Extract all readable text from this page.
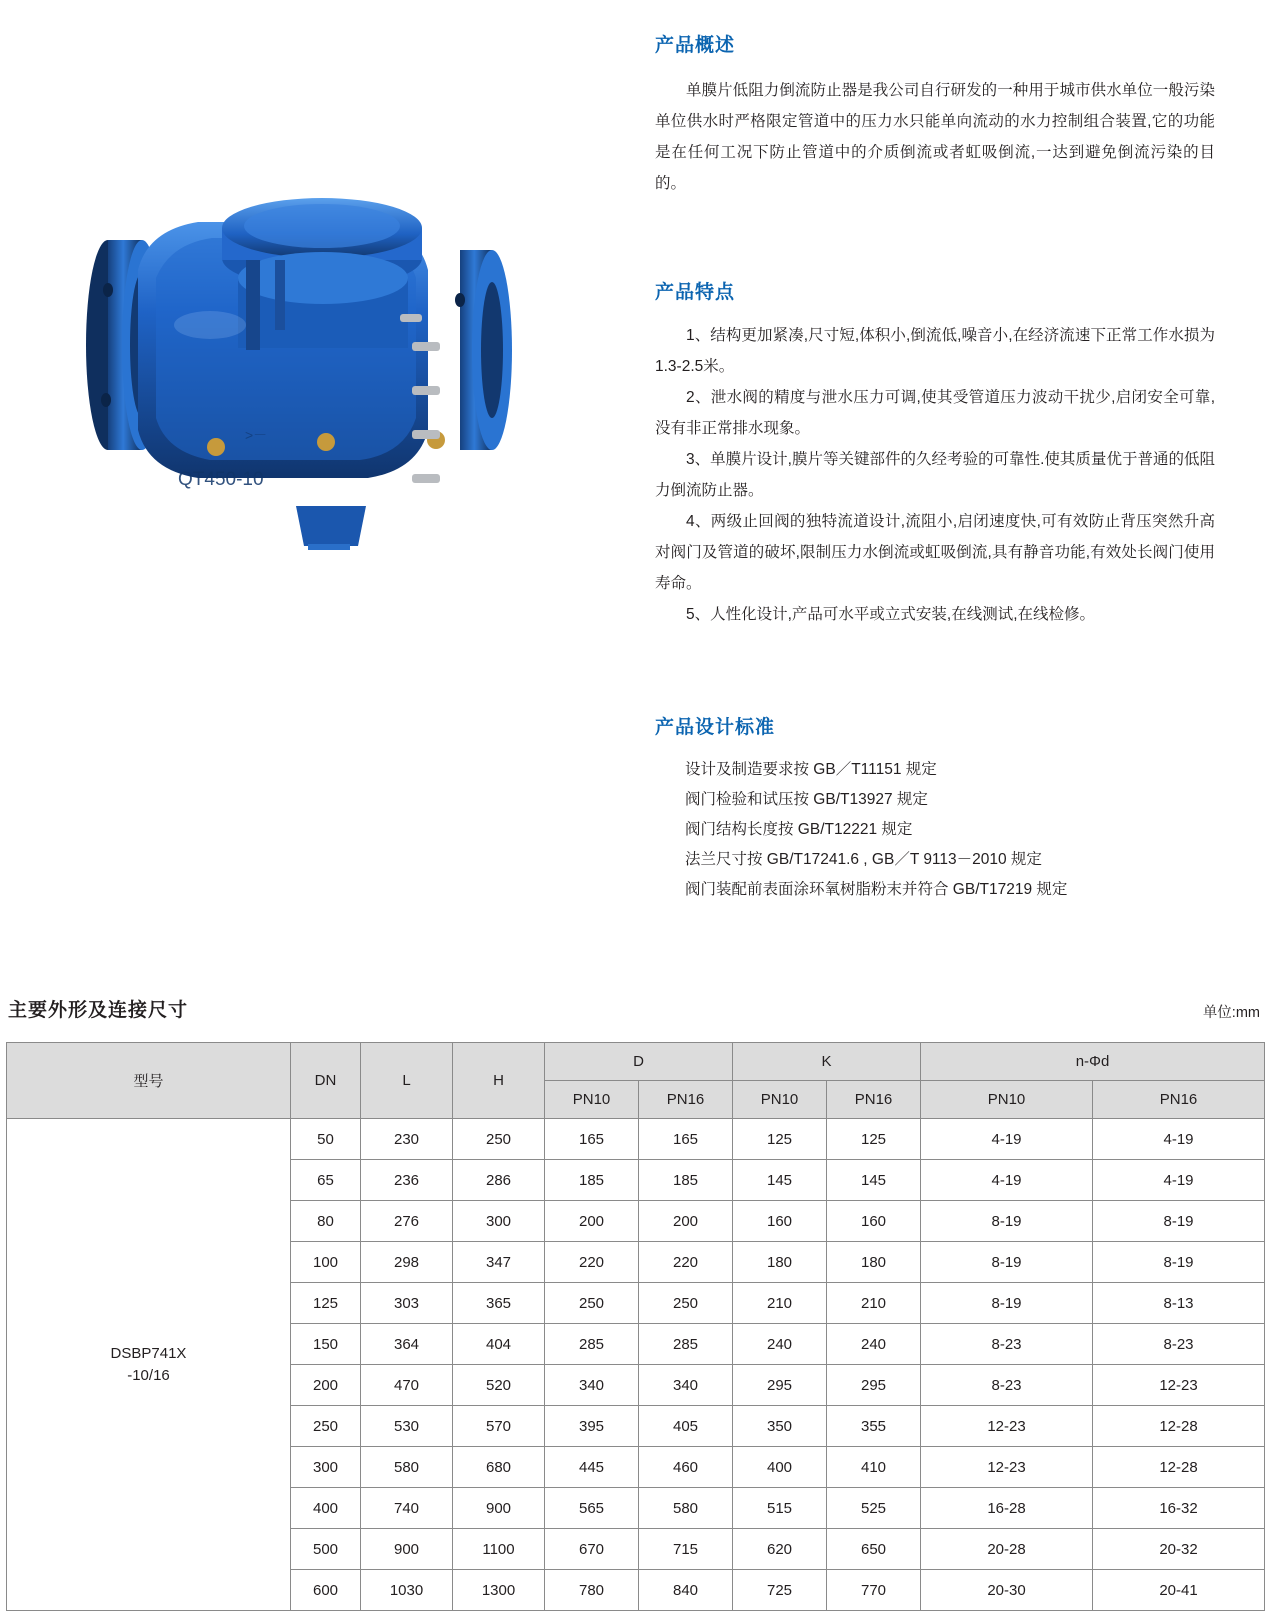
QT450-10
>－
产品概述

单膜片低阻力倒流防止器是我公司自行研发的一种用于城市供水单位一般污染单位供水时严格限定管道中的压力水只能单向流动的水力控制组合装置,它的功能是在任何工况下防止管道中的介质倒流或者虹吸倒流,一达到避免倒流污染的目的。

产品特点

1、结构更加紧凑,尺寸短,体积小,倒流低,噪音小,在经济流速下正常工作水损为 1.3-2.5米。

2、泄水阀的精度与泄水压力可调,使其受管道压力波动干扰少,启闭安全可靠,没有非正常排水现象。

3、单膜片设计,膜片等关键部件的久经考验的可靠性.使其质量优于普通的低阻力倒流防止器。

4、两级止回阀的独特流道设计,流阻小,启闭速度快,可有效防止背压突然升高对阀门及管道的破坏,限制压力水倒流或虹吸倒流,具有静音功能,有效处长阀门使用寿命。

5、人性化设计,产品可水平或立式安装,在线测试,在线检修。

产品设计标准
设计及制造要求按 GB／T11151 规定
阀门检验和试压按 GB/T13927 规定
阀门结构长度按 GB/T12221 规定
法兰尺寸按 GB/T17241.6 , GB／T 9113－2010 规定
阀门装配前表面涂环氧树脂粉末并符合 GB/T17219 规定
主要外形及连接尺寸	单位:mm
型号	DN	L	H	D		K		n-Φd	
				PN10	PN16	PN10	PN16	PN10	PN16

DSBP741X
-10/16	50	230	250	165	165	125	125	4-19	4-19
	65	236	286	185	185	145	145	4-19	4-19
	80	276	300	200	200	160	160	8-19	8-19
	100	298	347	220	220	180	180	8-19	8-19
	125	303	365	250	250	210	210	8-19	8-13
	150	364	404	285	285	240	240	8-23	8-23
	200	470	520	340	340	295	295	8-23	12-23
	250	530	570	395	405	350	355	12-23	12-28
	300	580	680	445	460	400	410	12-23	12-28
	400	740	900	565	580	515	525	16-28	16-32
	500	900	1100	670	715	620	650	20-28	20-32
	600	1030	1300	780	840	725	770	20-30	20-41
